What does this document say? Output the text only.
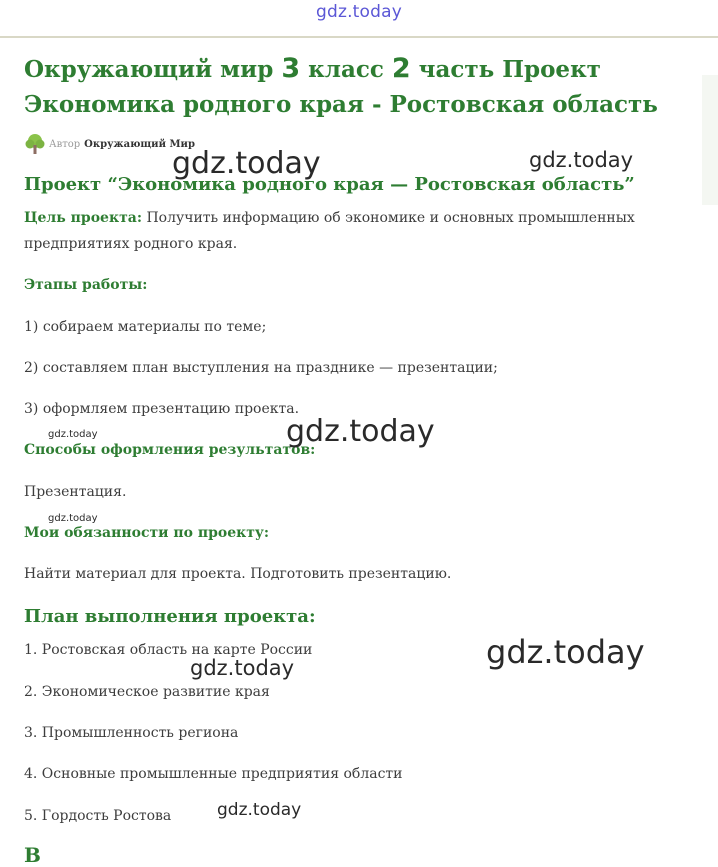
gdz.today
Окружающий мир 3 класс 2 часть Проект
Экономика родного края - Ростовская область
Автор Окружающий Мир
Проект “Экономика родного края — Ростовская область”
Цель проекта: Получить информацию об экономике и основных промышленных
предприятиях родного края.
Этапы работы:
1) собираем материалы по теме;
2) составляем план выступления на празднике — презентации;
3) оформляем презентацию проекта.
Способы оформления результатов:
Презентация.
Мои обязанности по проекту:
Найти материал для проекта. Подготовить презентацию.
План выполнения проекта:
1. Ростовская область на карте России
2. Экономическое развитие края
3. Промышленность региона
4. Основные промышленные предприятия области
5. Гордость Ростова
В
gdz.today	gdz.today
gdz.today
gdz.today
gdz.today
gdz.today
gdz.today
gdz.today
